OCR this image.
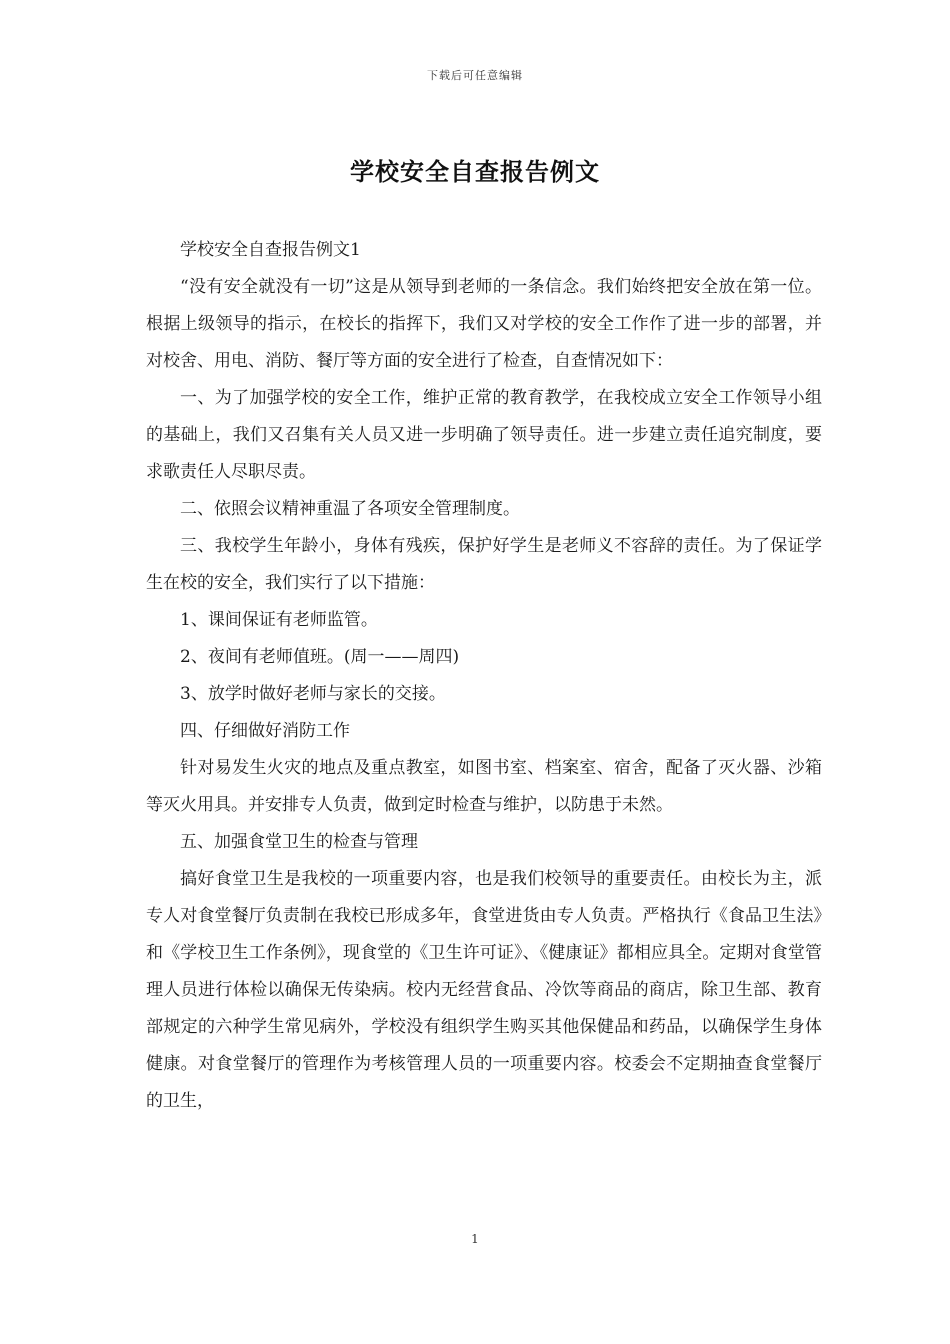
下载后可任意编辑
学校安全自查报告例文

学校安全自查报告例文1

“没有安全就没有一切”这是从领导到老师的一条信念。我们始终把安全放在第一位。根据上级领导的指示，在校长的指挥下，我们又对学校的安全工作作了进一步的部署，并对校舍、用电、消防、餐厅等方面的安全进行了检查，自查情况如下：

一、为了加强学校的安全工作，维护正常的教育教学，在我校成立安全工作领导小组的基础上，我们又召集有关人员又进一步明确了领导责任。进一步建立责任追究制度，要求歌责任人尽职尽责。

二、依照会议精神重温了各项安全管理制度。

三、我校学生年龄小，身体有残疾，保护好学生是老师义不容辞的责任。为了保证学生在校的安全，我们实行了以下措施：

1、课间保证有老师监管。

2、夜间有老师值班。(周一——周四)

3、放学时做好老师与家长的交接。

四、仔细做好消防工作

针对易发生火灾的地点及重点教室，如图书室、档案室、宿舍，配备了灭火器、沙箱等灭火用具。并安排专人负责，做到定时检查与维护，以防患于未然。

五、加强食堂卫生的检查与管理

搞好食堂卫生是我校的一项重要内容，也是我们校领导的重要责任。由校长为主，派专人对食堂餐厅负责制在我校已形成多年，食堂进货由专人负责。严格执行《食品卫生法》和《学校卫生工作条例》，现食堂的《卫生许可证》、《健康证》都相应具全。定期对食堂管理人员进行体检以确保无传染病。校内无经营食品、冷饮等商品的商店，除卫生部、教育部规定的六种学生常见病外，学校没有组织学生购买其他保健品和药品，以确保学生身体健康。对食堂餐厅的管理作为考核管理人员的一项重要内容。校委会不定期抽查食堂餐厅的卫生，

1
